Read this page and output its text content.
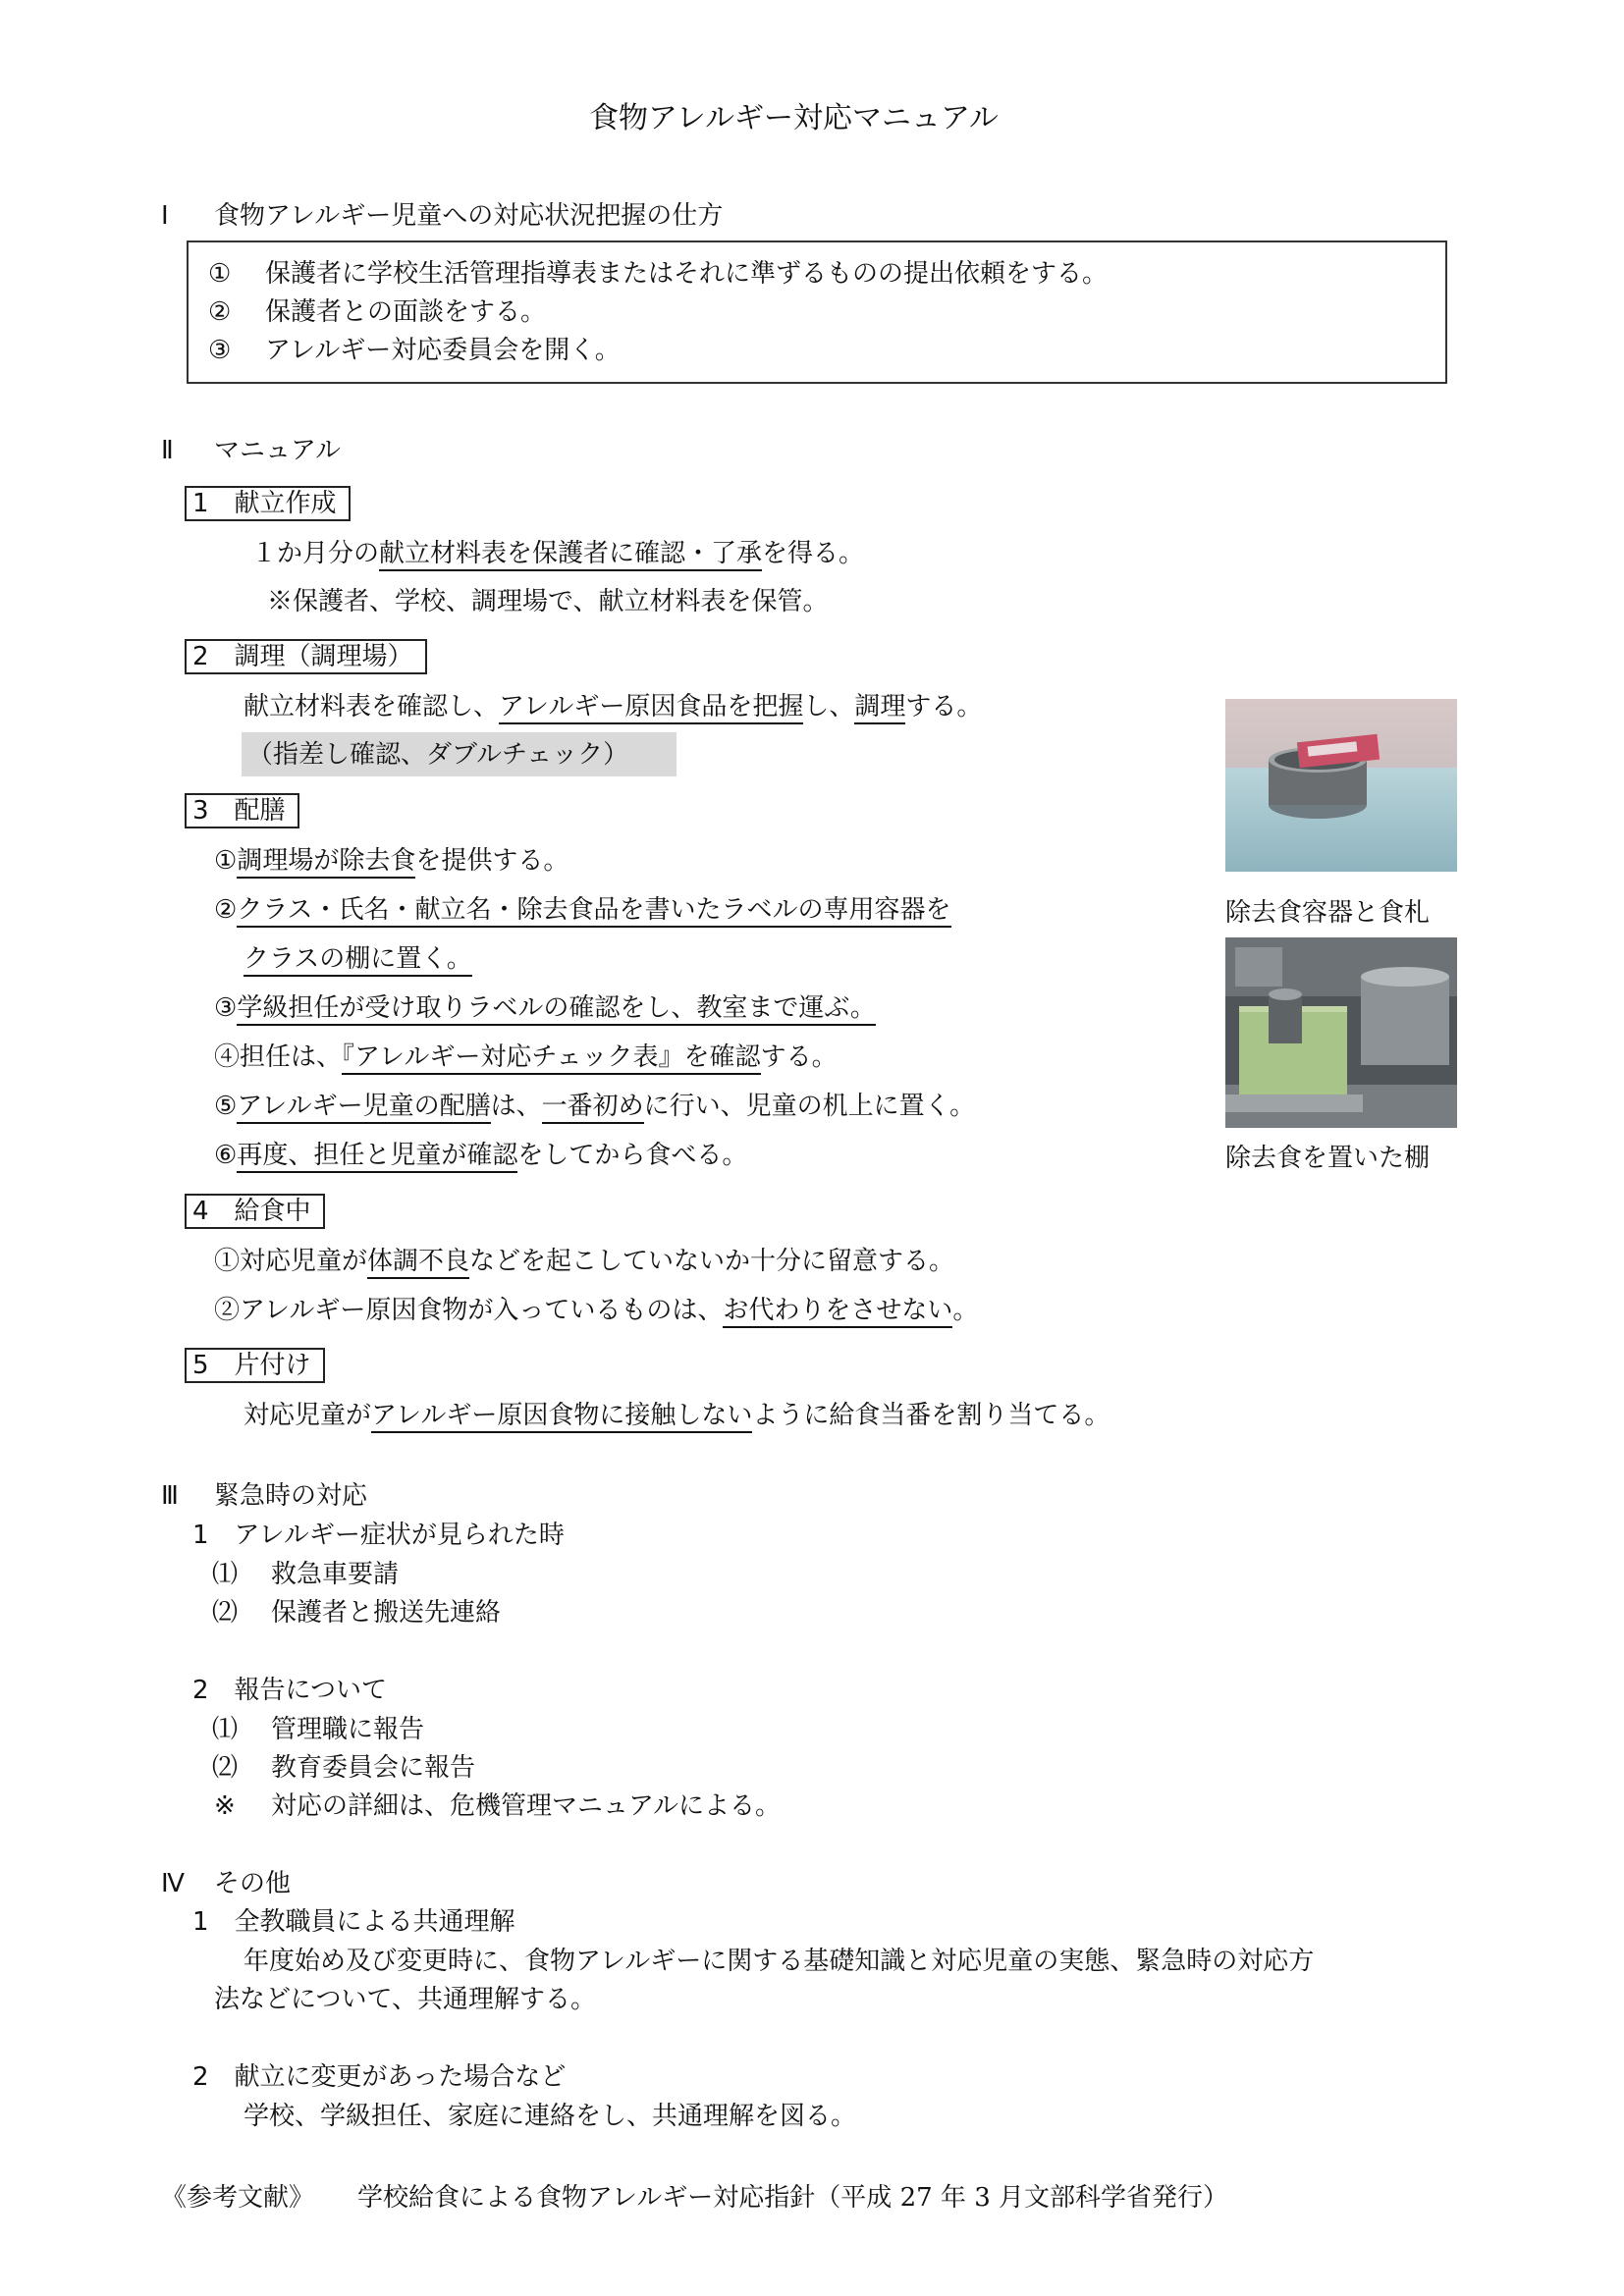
食物アレルギー対応マニュアル
Ⅰ 食物アレルギー児童への対応状況把握の仕方
① 保護者に学校生活管理指導表またはそれに準ずるものの提出依頼をする。
② 保護者との面談をする。
③ アレルギー対応委員会を開く。
Ⅱ マニュアル
1　献立作成
１か月分の献立材料表を保護者に確認・了承を得る。
※保護者、学校、調理場で、献立材料表を保管。
2　調理（調理場）
献立材料表を確認し、アレルギー原因食品を把握し、調理する。
（指差し確認、ダブルチェック）
除去食容器と食札
除去食を置いた棚
3　配膳
①調理場が除去食を提供する。
②クラス・氏名・献立名・除去食品を書いたラベルの専用容器を
クラスの棚に置く。
③学級担任が受け取りラベルの確認をし、教室まで運ぶ。
④担任は、『アレルギー対応チェック表』を確認する。
⑤アレルギー児童の配膳は、一番初めに行い、児童の机上に置く。
⑥再度、担任と児童が確認をしてから食べる。
4　給食中
①対応児童が体調不良などを起こしていないか十分に留意する。
②アレルギー原因食物が入っているものは、お代わりをさせない。
5　片付け
対応児童がアレルギー原因食物に接触しないように給食当番を割り当てる。
Ⅲ 緊急時の対応
1　アレルギー症状が見られた時
⑴ 救急車要請
⑵ 保護者と搬送先連絡
2　報告について
⑴ 管理職に報告
⑵ 教育委員会に報告
※ 対応の詳細は、危機管理マニュアルによる。
Ⅳ その他
1　全教職員による共通理解
年度始め及び変更時に、食物アレルギーに関する基礎知識と対応児童の実態、緊急時の対応方
法などについて、共通理解する。
2　献立に変更があった場合など
学校、学級担任、家庭に連絡をし、共通理解を図る。
《参考文献》 学校給食による食物アレルギー対応指針（平成 27 年 3 月文部科学省発行）
